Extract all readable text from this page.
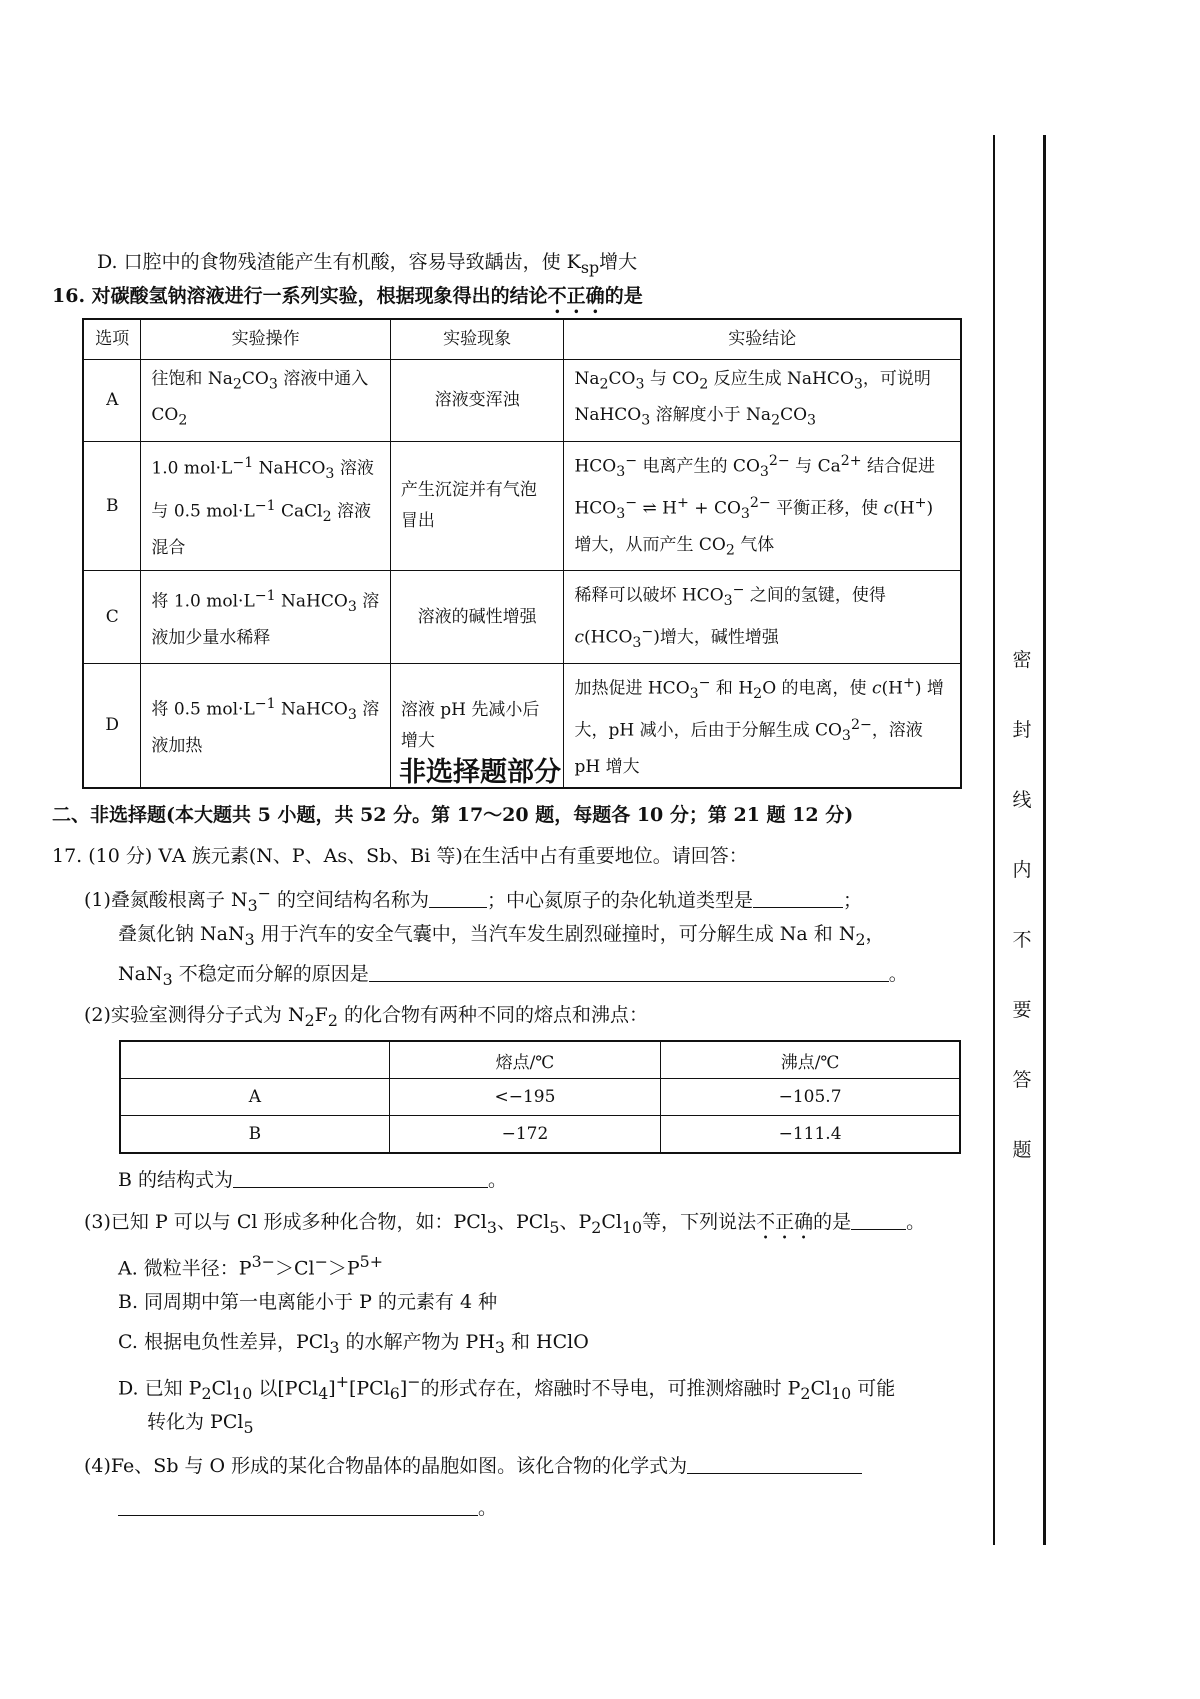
D. 口腔中的食物残渣能产生有机酸，容易导致龋齿，使 $K_{sp}$增大
16. 对碳酸氢钠溶液进行一系列实验，根据现象得出的结论不正确的是
选项	实验操作	实验现象	实验结论
A	往饱和 $Na_2CO_3$ 溶液中通入 $CO_2$	溶液变浑浊	$Na_2CO_3$ 与 $CO_2$ 反应生成 NaHCO$_3$，可说明 NaHCO$_3$ 溶解度小于 $Na_2CO_3$
B	1.0 $mol\cdot L^{-1}$ NaHCO$_3$ 溶液与 0.5 $mol\cdot L^{-1}$ CaCl$_2$ 溶液混合	产生沉淀并有气泡冒出	$HCO_3^-$ 电离产生的 $CO_3^{2-}$ 与 $Ca^{2+}$ 结合促进 $HCO_3^-$ ⇌ $H^+ + CO_3^{2-}$ 平衡正移，使 c(H+) 增大，从而产生 $CO_2$ 气体
C	将 1.0 $mol\cdot L^{-1}$ NaHCO$_3$ 溶液加少量水稀释	溶液的碱性增强	稀释可以破坏 $HCO_3^-$ 之间的氢键，使得 $c(HCO_3^-)$增大，碱性增强
D	将 0.5 $mol\cdot L^{-1}$ NaHCO$_3$ 溶液加热	溶液 pH 先减小后增大	加热促进 $HCO_3^-$ 和 $H_2O$ 的电离，使 c(H+) 增大，pH 减小，后由于分解生成 $CO_3^{2-}$，溶液 pH 增大
非选择题部分
二、非选择题(本大题共 5 小题，共 52 分。第 17～20 题，每题各 10 分；第 21 题 12 分)
17. (10 分) ⅤA 族元素(N、P、As、Sb、Bi 等)在生活中占有重要地位。请回答：
(1)叠氮酸根离子 $N_3^-$ 的空间结构名称为	；中心氮原子的杂化轨道类型是	；
叠氮化钠 NaN$_3$ 用于汽车的安全气囊中，当汽车发生剧烈碰撞时，可分解生成 Na 和 $N_2$，
NaN$_3$ 不稳定而分解的原因是	。
(2)实验室测得分子式为 $N_2F_2$ 的化合物有两种不同的熔点和沸点：
	熔点/℃	沸点/℃
A	<−195	−105.7
B	−172	−111.4
B 的结构式为	。
(3)已知 P 可以与 Cl 形成多种化合物，如：PCl$_3$、PCl$_5$、$P_2Cl_{10}$等，下列说法不正确的是	。
A. 微粒半径：$P^{3-}>Cl^->P^{5+}$
B. 同周期中第一电离能小于 P 的元素有 4 种
C. 根据电负性差异，PCl$_3$ 的水解产物为 $PH_3$ 和 HClO
D. 已知 $P_2Cl_{10}$ 以[PCl$_4$]+[PCl$_6$]−的形式存在，熔融时不导电，可推测熔融时 $P_2Cl_{10}$ 可能
转化为 PCl$_5$
(4)Fe、Sb 与 O 形成的某化合物晶体的晶胞如图。该化合物的化学式为
。
密
封
线
内
不
要
答
题
